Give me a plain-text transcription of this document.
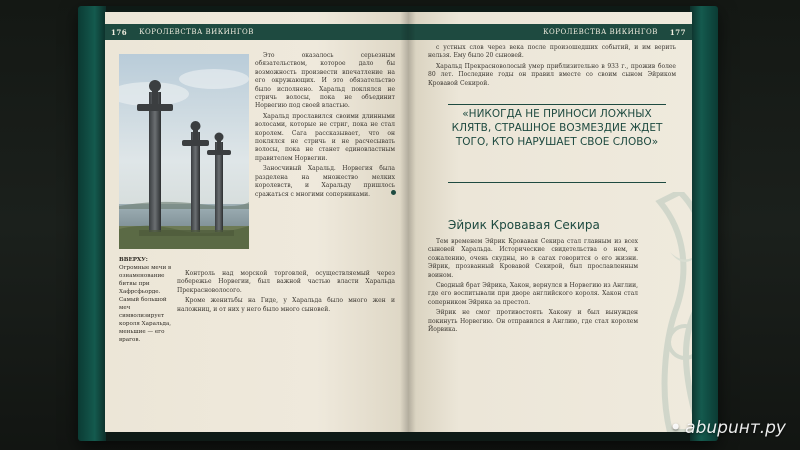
176 КОРОЛЕВСТВА ВИКИНГОВ
ВВЕРХУ: Огромные мечи в ознаменование битвы при Хафрсфьорде. Самый большой меч символизирует короля Харальда, меньшие — его врагов.

Это оказалось серьезным обязательством, которое дало бы возможность произвести впечатление на его окружающих. И это обязательство было исполнено. Харальд поклялся не стричь волосы, пока не объединит Норвегию под своей властью.

Харальд прославился своими длинными волосами, которые не стриг, пока не стал королем. Сага рассказывает, что он поклялся не стричь и не расчесывать волосы, пока не станет единовластным правителем Норвегии.

Заносчивый Харальд. Норвегия была разделена на множество мелких королевств, и Харальду пришлось сражаться с многими соперниками.

Контроль над морской торговлей, осуществляемый через побережье Норвегии, был важной частью власти Харальда Прекрасноволосого.

Кроме женитьбы на Гиде, у Харальда было много жен и наложниц, и от них у него было много сыновей.

КОРОЛЕВСТВА ВИКИНГОВ 177

с устных слов через века после произошедших событий, и им верить нельзя. Ему было 20 сыновей.

Харальд Прекрасноволосый умер приблизительно в 933 г., прожив более 80 лет. Последние годы он правил вместе со своим сыном Эйриком Кровавой Секирой.

«НИКОГДА НЕ ПРИНОСИ ЛОЖНЫХ КЛЯТВ, СТРАШНОЕ ВОЗМЕЗДИЕ ЖДЕТ ТОГО, КТО НАРУШАЕТ СВОЕ СЛОВО»
Эйрик Кровавая Секира

Тем временем Эйрик Кровавая Секира стал главным из всех сыновей Харальда. Исторические свидетельства о нем, к сожалению, очень скудны, но в сагах говорится о его жизни. Эйрик, прозванный Кровавой Секирой, был прославленным воином.

Сводный брат Эйрика, Хакон, вернулся в Норвегию из Англии, где его воспитывали при дворе английского короля. Хакон стал соперником Эйрика за престол.

Эйрик не смог противостоять Хакону и был вынужден покинуть Норвегию. Он отправился в Англию, где стал королем Йорвика.

• abuрuнт.ру
